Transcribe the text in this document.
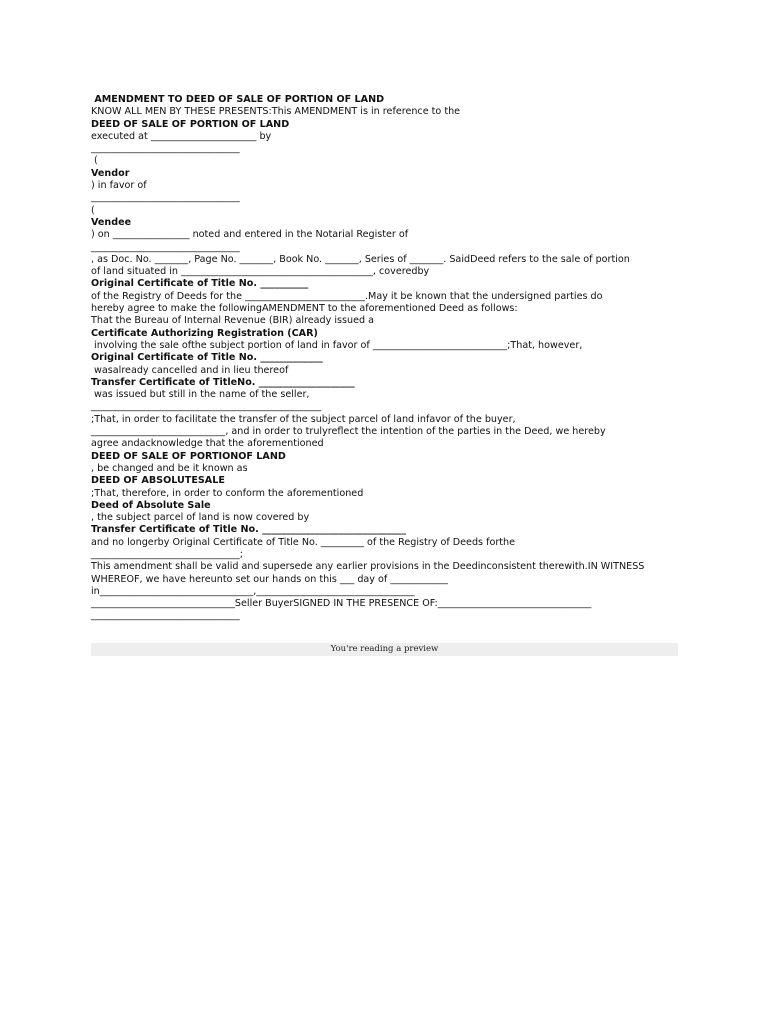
AMENDMENT TO DEED OF SALE OF PORTION OF LAND
KNOW ALL MEN BY THESE PRESENTS:This AMENDMENT is in reference to the
DEED OF SALE OF PORTION OF LAND
executed at ______________________ by
_______________________________
(
Vendor
) in favor of
_______________________________
(
Vendee
) on ________________ noted and entered in the Notarial Register of
_______________________________
, as Doc. No. _______, Page No. _______, Book No. _______, Series of _______. SaidDeed refers to the sale of portion
of land situated in ________________________________________, coveredby
Original Certificate of Title No. __________
of the Registry of Deeds for the _________________________.May it be known that the undersigned parties do
hereby agree to make the followingAMENDMENT to the aforementioned Deed as follows:
That the Bureau of Internal Revenue (BIR) already issued a
Certificate Authorizing Registration (CAR)
involving the sale ofthe subject portion of land in favor of ____________________________;That, however,
Original Certificate of Title No. _____________
wasalready cancelled and in lieu thereof
Transfer Certificate of TitleNo. ____________________
was issued but still in the name of the seller,
________________________________________________
;That, in order to facilitate the transfer of the subject parcel of land infavor of the buyer,
____________________________, and in order to trulyreflect the intention of the parties in the Deed, we hereby
agree andacknowledge that the aforementioned
DEED OF SALE OF PORTIONOF LAND
, be changed and be it known as
DEED OF ABSOLUTESALE
;That, therefore, in order to conform the aforementioned
Deed of Absolute Sale
, the subject parcel of land is now covered by
Transfer Certificate of Title No. ______________________________
and no longerby Original Certificate of Title No. _________ of the Registry of Deeds forthe
_______________________________;
This amendment shall be valid and supersede any earlier provisions in the Deedinconsistent therewith.IN WITNESS
WHEREOF, we have hereunto set our hands on this ___ day of ____________
in________________________________,_________________________________
______________________________Seller BuyerSIGNED IN THE PRESENCE OF:________________________________
_______________________________
You're reading a preview
